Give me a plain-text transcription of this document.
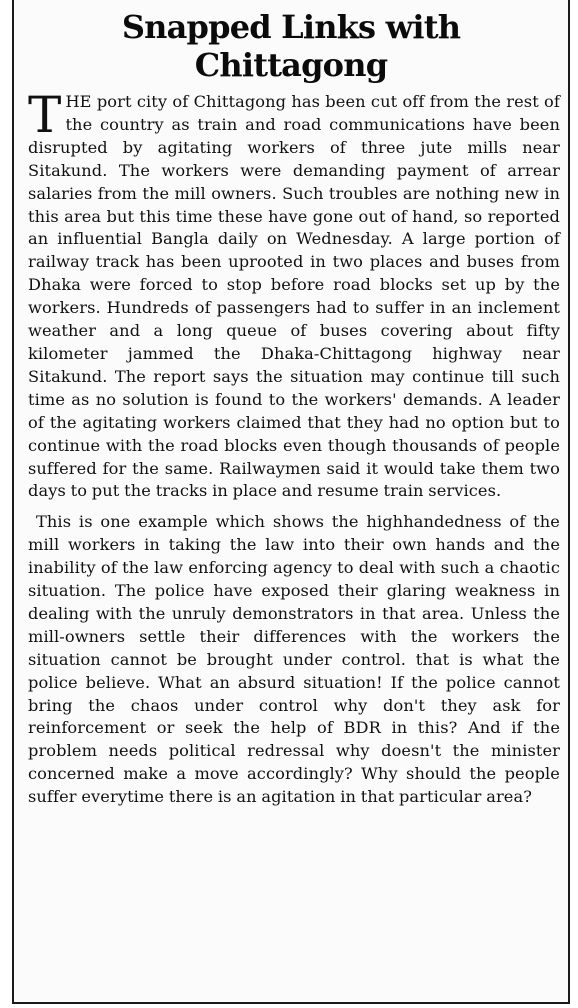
Snapped Links with
Chittagong

THE port city of Chittagong has been cut off from the rest of the country as train and road communications have been disrupted by agitating workers of three jute mills near Sitakund. The workers were demanding payment of arrear salaries from the mill owners. Such troubles are nothing new in this area but this time these have gone out of hand, so reported an influential Bangla daily on Wednesday. A large portion of railway track has been uprooted in two places and buses from Dhaka were forced to stop before road blocks set up by the workers. Hundreds of passengers had to suffer in an inclement weather and a long queue of buses covering about fifty kilometer jammed the Dhaka-Chittagong highway near Sitakund. The report says the situation may continue till such time as no solution is found to the workers' demands. A leader of the agitating workers claimed that they had no option but to continue with the road blocks even though thousands of people suffered for the same. Railwaymen said it would take them two days to put the tracks in place and resume train services.

This is one example which shows the highhandedness of the mill workers in taking the law into their own hands and the inability of the law enforcing agency to deal with such a chaotic situation. The police have exposed their glaring weakness in dealing with the unruly demonstrators in that area. Unless the mill-owners settle their differences with the workers the situation cannot be brought under control. that is what the police believe. What an absurd situation! If the police cannot bring the chaos under control why don't they ask for reinforcement or seek the help of BDR in this? And if the problem needs political redressal why doesn't the minister concerned make a move accordingly? Why should the people suffer everytime there is an agitation in that particular area?
